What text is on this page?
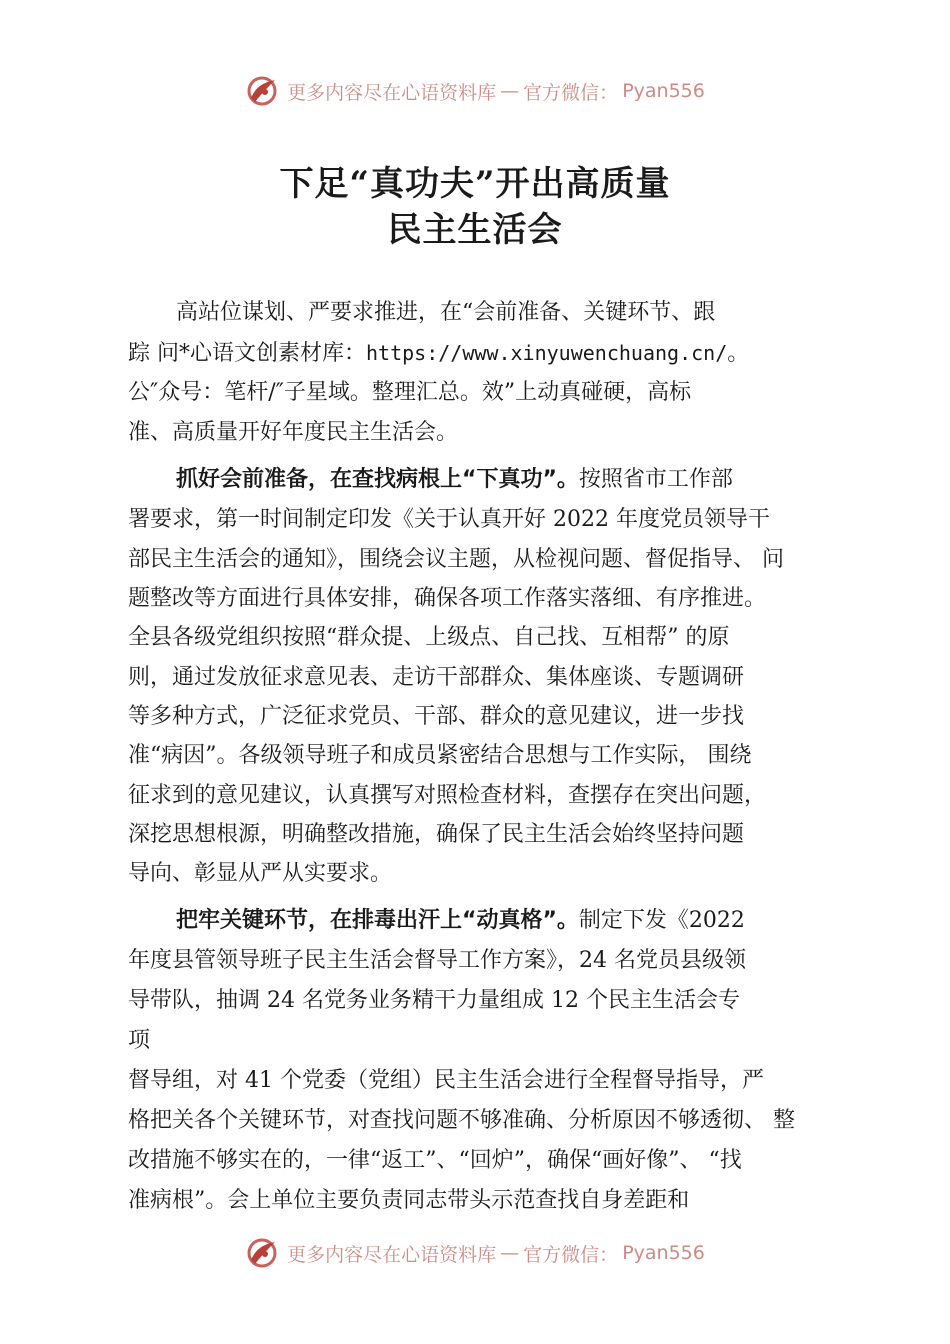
更多内容尽在心语资料库 — 官方微信： Pyan556
下足“真功夫”开出高质量
民主生活会
高站位谋划、严要求推进，在“会前准备、关键环节、跟
踪 问*心语文创素材库：https://www.xinyuwenchuang.cn/。
公″众号：笔杆/″子星域。整理汇总。效”上动真碰硬，高标
准、高质量开好年度民主生活会。
抓好会前准备，在查找病根上“下真功”。按照省市工作部
署要求，第一时间制定印发《关于认真开好 2022 年度党员领导干
部民主生活会的通知》，围绕会议主题，从检视问题、督促指导、 问
题整改等方面进行具体安排，确保各项工作落实落细、有序推进。
全县各级党组织按照“群众提、上级点、自己找、互相帮” 的原
则，通过发放征求意见表、走访干部群众、集体座谈、专题调研
等多种方式，广泛征求党员、干部、群众的意见建议，进一步找
准“病因”。各级领导班子和成员紧密结合思想与工作实际， 围绕
征求到的意见建议，认真撰写对照检查材料，查摆存在突出问题，
深挖思想根源，明确整改措施，确保了民主生活会始终坚持问题
导向、彰显从严从实要求。
把牢关键环节，在排毒出汗上“动真格”。制定下发《2022
年度县管领导班子民主生活会督导工作方案》，24 名党员县级领
导带队，抽调 24 名党务业务精干力量组成 12 个民主生活会专
项
督导组，对 41 个党委（党组）民主生活会进行全程督导指导，严
格把关各个关键环节，对查找问题不够准确、分析原因不够透彻、 整
改措施不够实在的，一律“返工”、“回炉”，确保“画好像”、 “找
准病根”。会上单位主要负责同志带头示范查找自身差距和
更多内容尽在心语资料库 — 官方微信： Pyan556
